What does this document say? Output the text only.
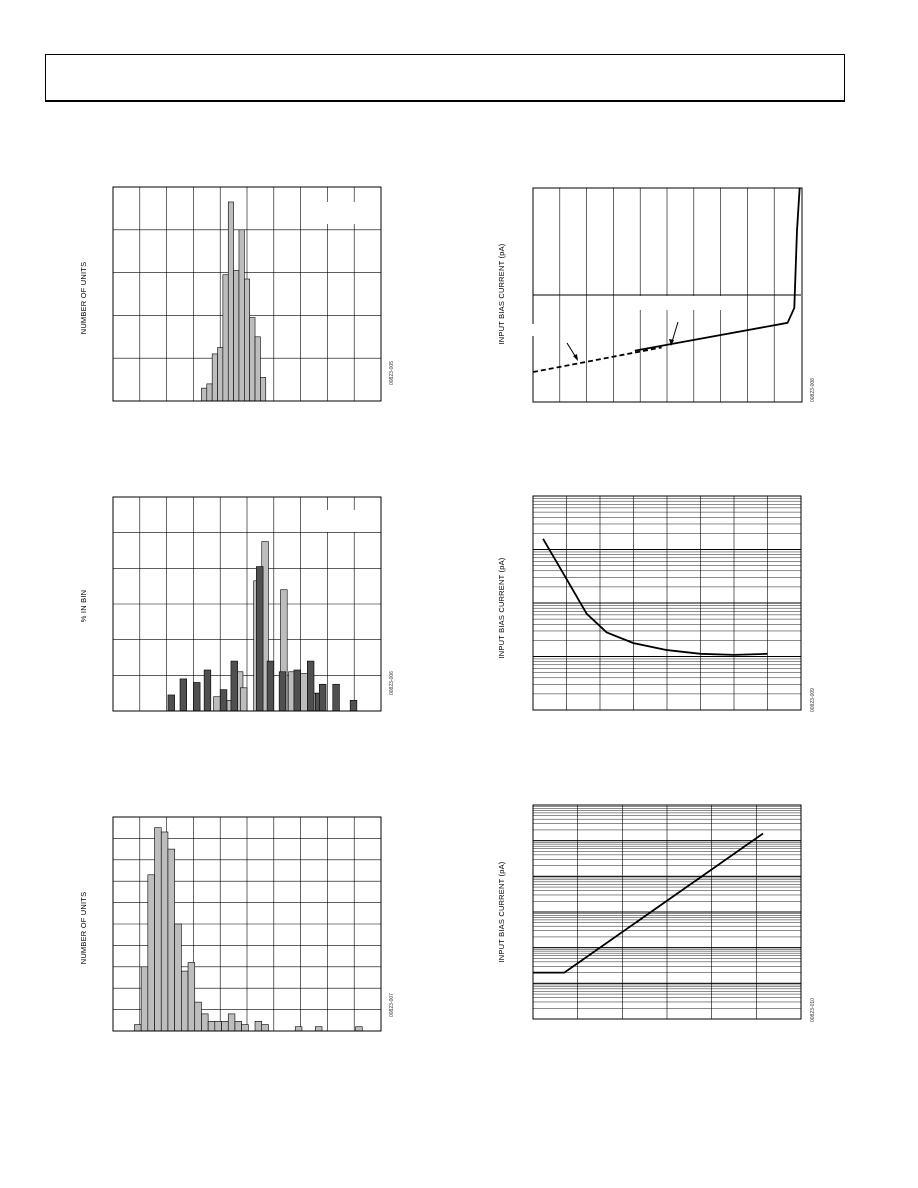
NUMBER OF UNITS
00823-005
% IN BIN
00823-006
NUMBER OF UNITS
00823-007
INPUT BIAS CURRENT (pA)
00823-008
INPUT BIAS CURRENT (pA)
00823-009
INPUT BIAS CURRENT (pA)
00823-010
